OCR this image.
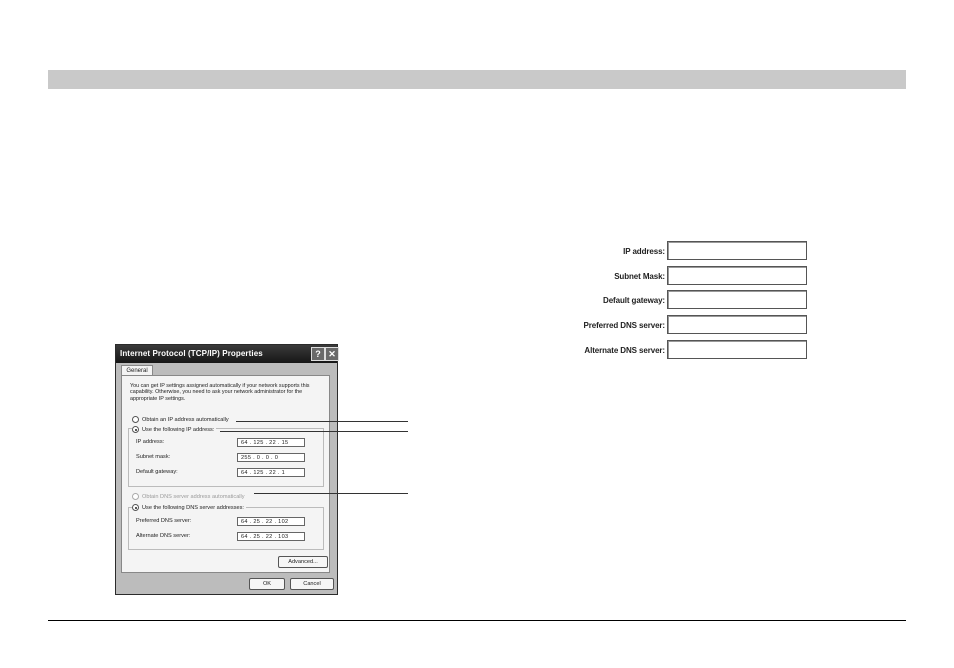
Internet Protocol (TCP/IP) Properties	? ✕
General
You can get IP settings assigned automatically if your network supports this capability. Otherwise, you need to ask your network administrator for the appropriate IP settings.
Obtain an IP address automatically
Use the following IP address:
IP address:	64 . 125 . 22 . 15
Subnet mask:	255 . 0 . 0 . 0
Default gateway:	64 . 125 . 22 . 1
Obtain DNS server address automatically
Use the following DNS server addresses:
Preferred DNS server:	64 . 25 . 22 . 102
Alternate DNS server:	64 . 25 . 22 . 103
Advanced...
OK	Cancel
IP address:
Subnet Mask:
Default gateway:
Preferred DNS server:
Alternate DNS server:
